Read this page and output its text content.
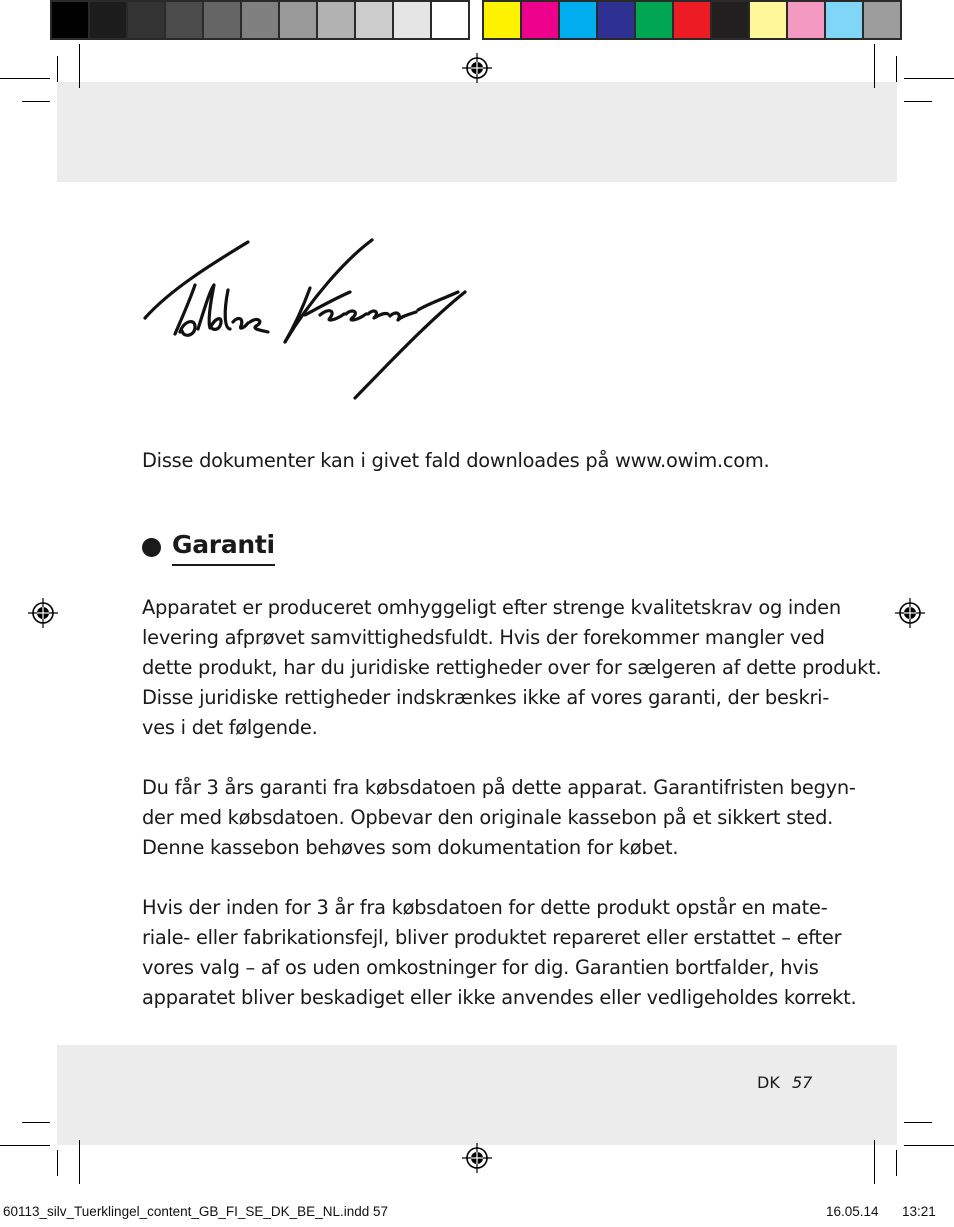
Disse dokumenter kan i givet fald downloades på www.owim.com.

Garanti

Apparatet er produceret omhyggeligt efter strenge kvalitetskrav og inden

levering afprøvet samvittighedsfuldt. Hvis der forekommer mangler ved

dette produkt, har du juridiske rettigheder over for sælgeren af dette produkt.

Disse juridiske rettigheder indskrænkes ikke af vores garanti, der beskri-

ves i det følgende.

Du får 3 års garanti fra købsdatoen på dette apparat. Garantifristen begyn-

der med købsdatoen. Opbevar den originale kassebon på et sikkert sted.

Denne kassebon behøves som dokumentation for købet.

Hvis der inden for 3 år fra købsdatoen for dette produkt opstår en mate-

riale- eller fabrikationsfejl, bliver produktet repareret eller erstattet – efter

vores valg – af os uden omkostninger for dig. Garantien bortfalder, hvis

apparatet bliver beskadiget eller ikke anvendes eller vedligeholdes korrekt.

DK 57
60113_silv_Tuerklingel_content_GB_FI_SE_DK_BE_NL.indd 57	16.05.14 13:21
